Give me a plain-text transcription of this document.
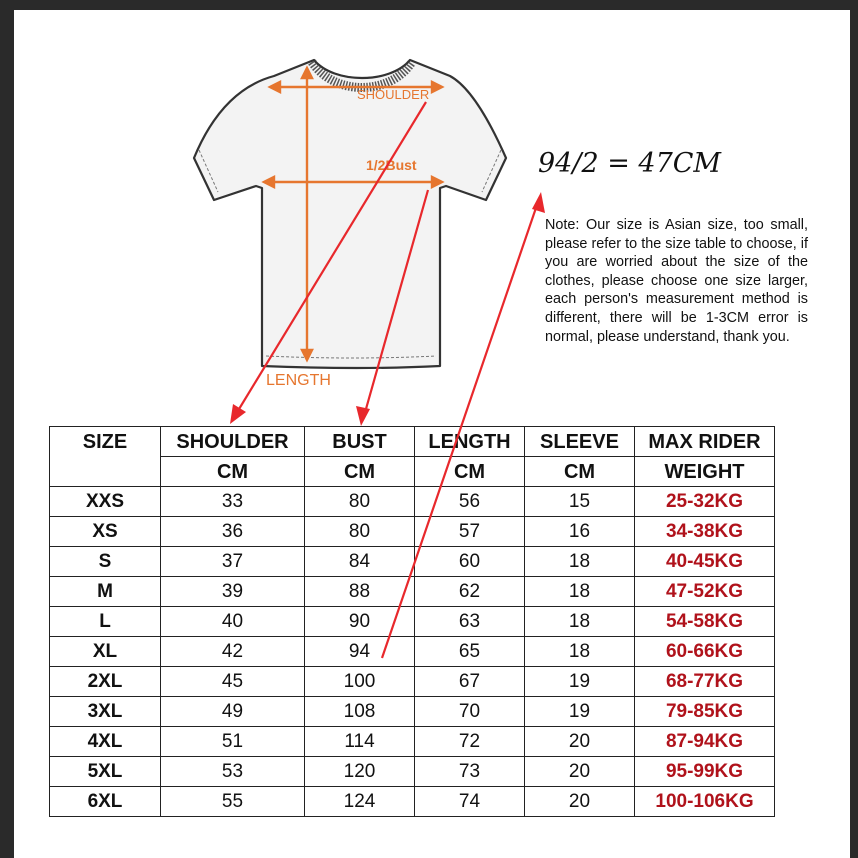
SHOULDER
1/2Bust
LENGTH
94/2 = 47CM
Note: Our size is Asian size, too small, please refer to the size table to choose, if you are worried about the size of the clothes, please choose one size larger, each person's measurement method is different, there will be 1-3CM error is normal, please understand, thank you.
SIZE	SHOULDER	BUST	LENGTH	SLEEVE	MAX RIDER
	CM	CM	CM	CM	WEIGHT
XXS	33	80	56	15	25-32KG
XS	36	80	57	16	34-38KG
S	37	84	60	18	40-45KG
M	39	88	62	18	47-52KG
L	40	90	63	18	54-58KG
XL	42	94	65	18	60-66KG
2XL	45	100	67	19	68-77KG
3XL	49	108	70	19	79-85KG
4XL	51	114	72	20	87-94KG
5XL	53	120	73	20	95-99KG
6XL	55	124	74	20	100-106KG
